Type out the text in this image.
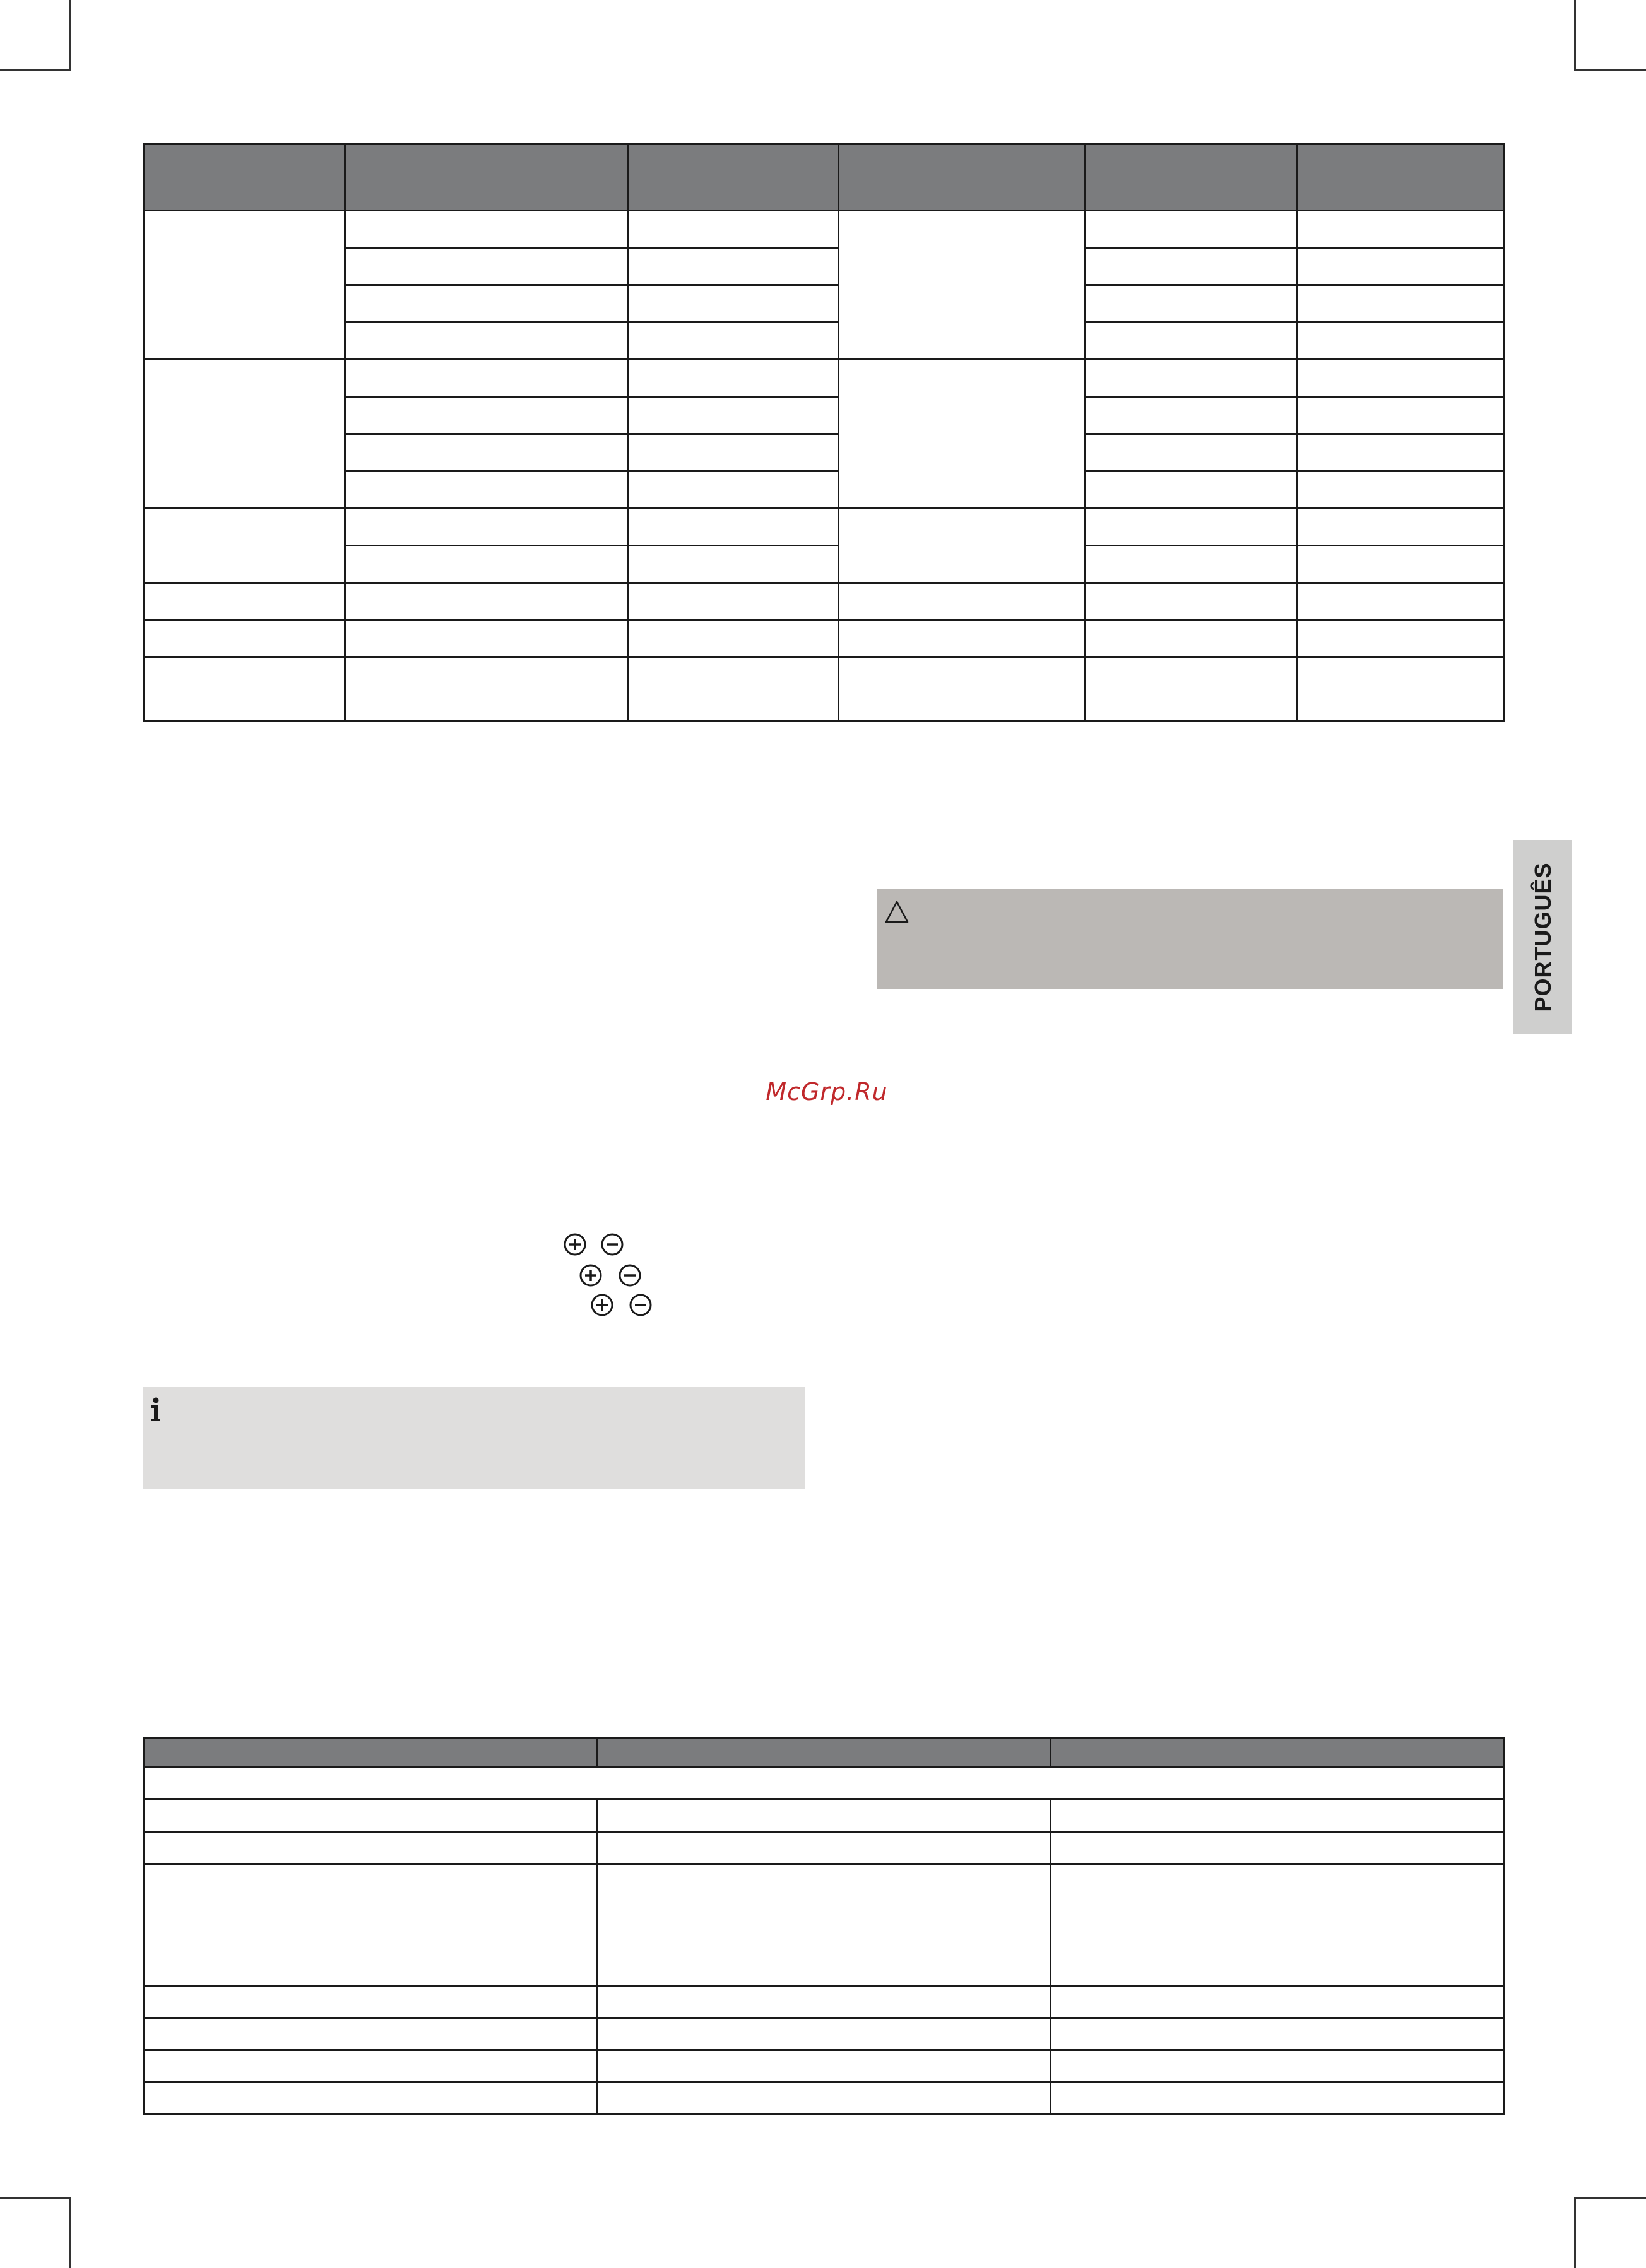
PORTUGUÊS
McGrp.Ru
